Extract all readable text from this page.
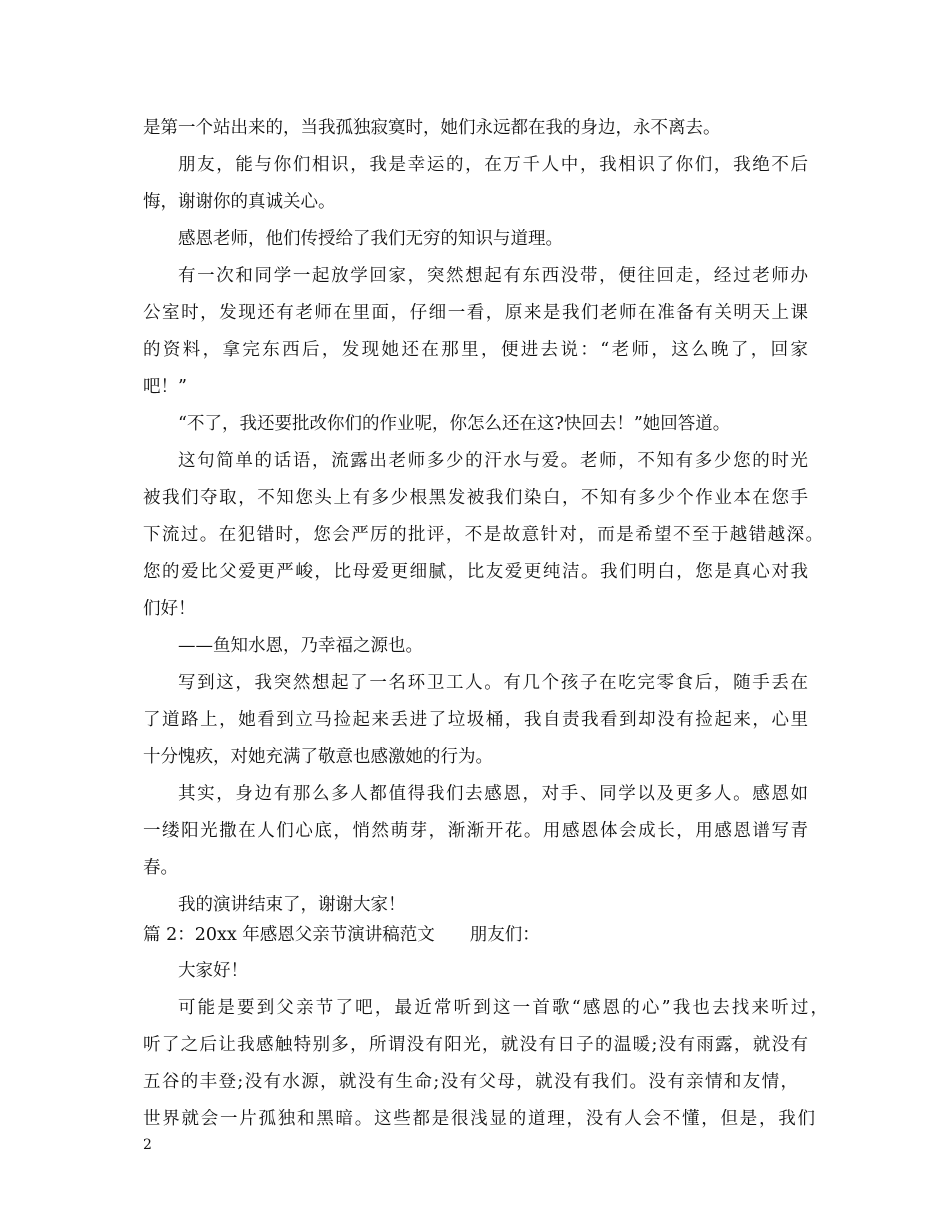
是第一个站出来的，当我孤独寂寞时，她们永远都在我的身边，永不离去。
朋友，能与你们相识，我是幸运的，在万千人中，我相识了你们，我绝不后
悔，谢谢你的真诚关心。
感恩老师，他们传授给了我们无穷的知识与道理。
有一次和同学一起放学回家，突然想起有东西没带，便往回走，经过老师办
公室时，发现还有老师在里面，仔细一看，原来是我们老师在准备有关明天上课
的资料，拿完东西后，发现她还在那里，便进去说：“老师，这么晚了，回家
吧！”
“不了，我还要批改你们的作业呢，你怎么还在这?快回去！”她回答道。
这句简单的话语，流露出老师多少的汗水与爱。老师，不知有多少您的时光
被我们夺取，不知您头上有多少根黑发被我们染白，不知有多少个作业本在您手
下流过。在犯错时，您会严厉的批评，不是故意针对，而是希望不至于越错越深。
您的爱比父爱更严峻，比母爱更细腻，比友爱更纯洁。我们明白，您是真心对我
们好！
——鱼知水恩，乃幸福之源也。
写到这，我突然想起了一名环卫工人。有几个孩子在吃完零食后，随手丢在
了道路上，她看到立马捡起来丢进了垃圾桶，我自责我看到却没有捡起来，心里
十分愧疚，对她充满了敬意也感激她的行为。
其实，身边有那么多人都值得我们去感恩，对手、同学以及更多人。感恩如
一缕阳光撒在人们心底，悄然萌芽，渐渐开花。用感恩体会成长，用感恩谱写青
春。
我的演讲结束了，谢谢大家！
篇 2：20xx 年感恩父亲节演讲稿范文　　朋友们：
大家好！
可能是要到父亲节了吧，最近常听到这一首歌“感恩的心”我也去找来听过，
听了之后让我感触特别多，所谓没有阳光，就没有日子的温暖;没有雨露，就没有
五谷的丰登;没有水源，就没有生命;没有父母，就没有我们。没有亲情和友情，
世界就会一片孤独和黑暗。这些都是很浅显的道理，没有人会不懂，但是，我们
2
